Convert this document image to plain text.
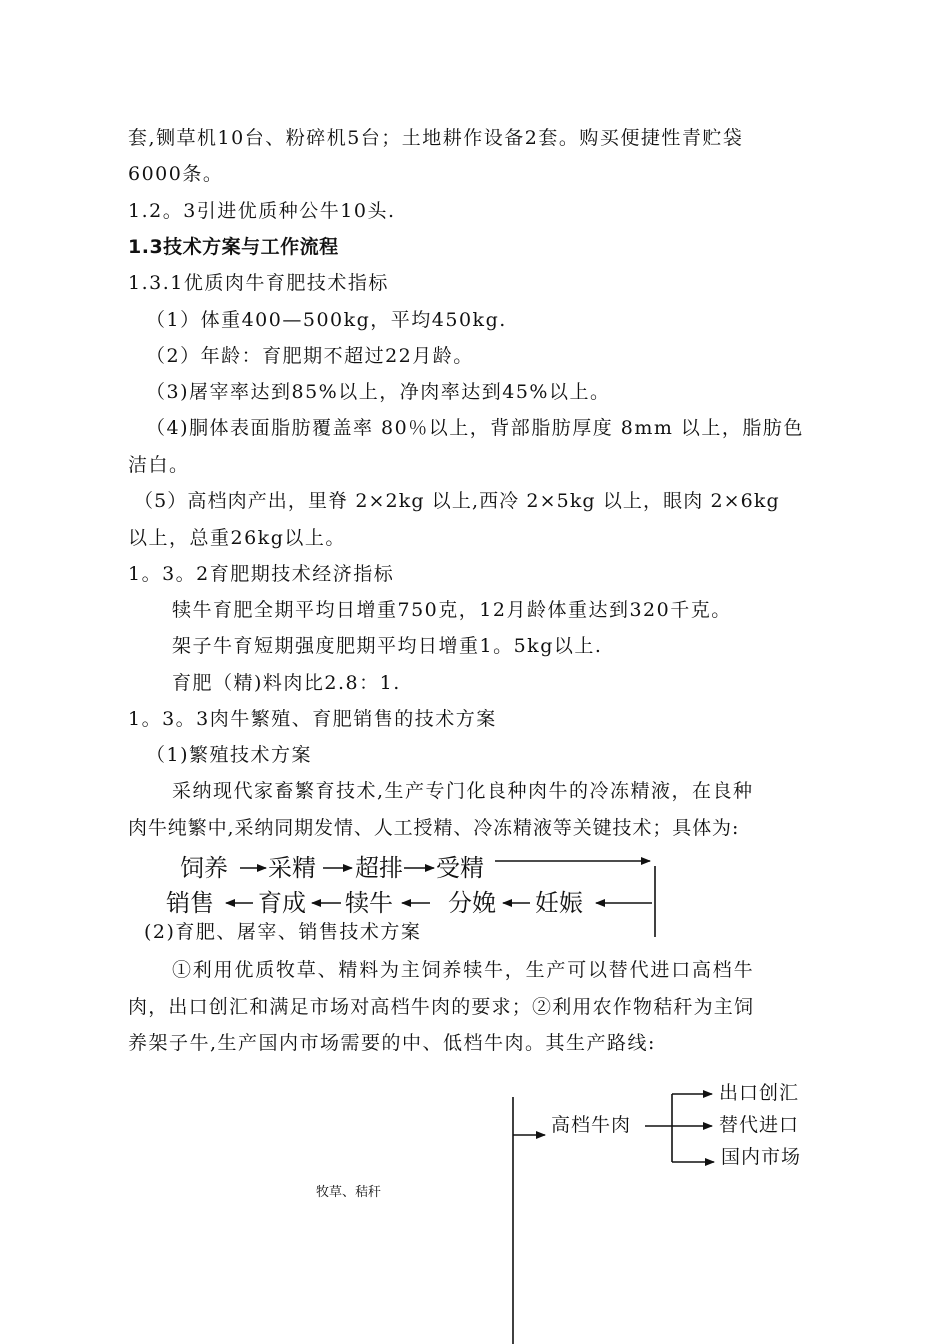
套,铡草机10台、粉碎机5台；土地耕作设备2套。购买便捷性青贮袋
6000条。
1.2。3引进优质种公牛10头.
1.3技术方案与工作流程
1.3.1优质肉牛育肥技术指标
（1）体重400—500kg，平均450kg.
（2）年龄：育肥期不超过22月龄。
（3)屠宰率达到85%以上，净肉率达到45%以上。
（4)胴体表面脂肪覆盖率 80％以上，背部脂肪厚度 8mm 以上，脂肪色
洁白。
（5）高档肉产出，里脊 2×2kg 以上,西冷 2×5kg 以上，眼肉 2×6kg
以上，总重26kg以上。
1。3。2育肥期技术经济指标
犊牛育肥全期平均日增重750克，12月龄体重达到320千克。
架子牛育短期强度肥期平均日增重1。5kg以上.
育肥（精)料肉比2.8：1.
1。3。3肉牛繁殖、育肥销售的技术方案
（1)繁殖技术方案
采纳现代家畜繁育技术,生产专门化良种肉牛的冷冻精液，在良种
肉牛纯繁中,采纳同期发情、人工授精、冷冻精液等关键技术；具体为:
饲养 采精 超排 受精
销售 育成 犊牛 分娩 妊娠
(2)育肥、屠宰、销售技术方案
①利用优质牧草、精料为主饲养犊牛，生产可以替代进口高档牛
肉，出口创汇和满足市场对高档牛肉的要求；②利用农作物秸秆为主饲
养架子牛,生产国内市场需要的中、低档牛肉。其生产路线:
出口创汇
高档牛肉	替代进口
国内市场
牧草、秸秆
